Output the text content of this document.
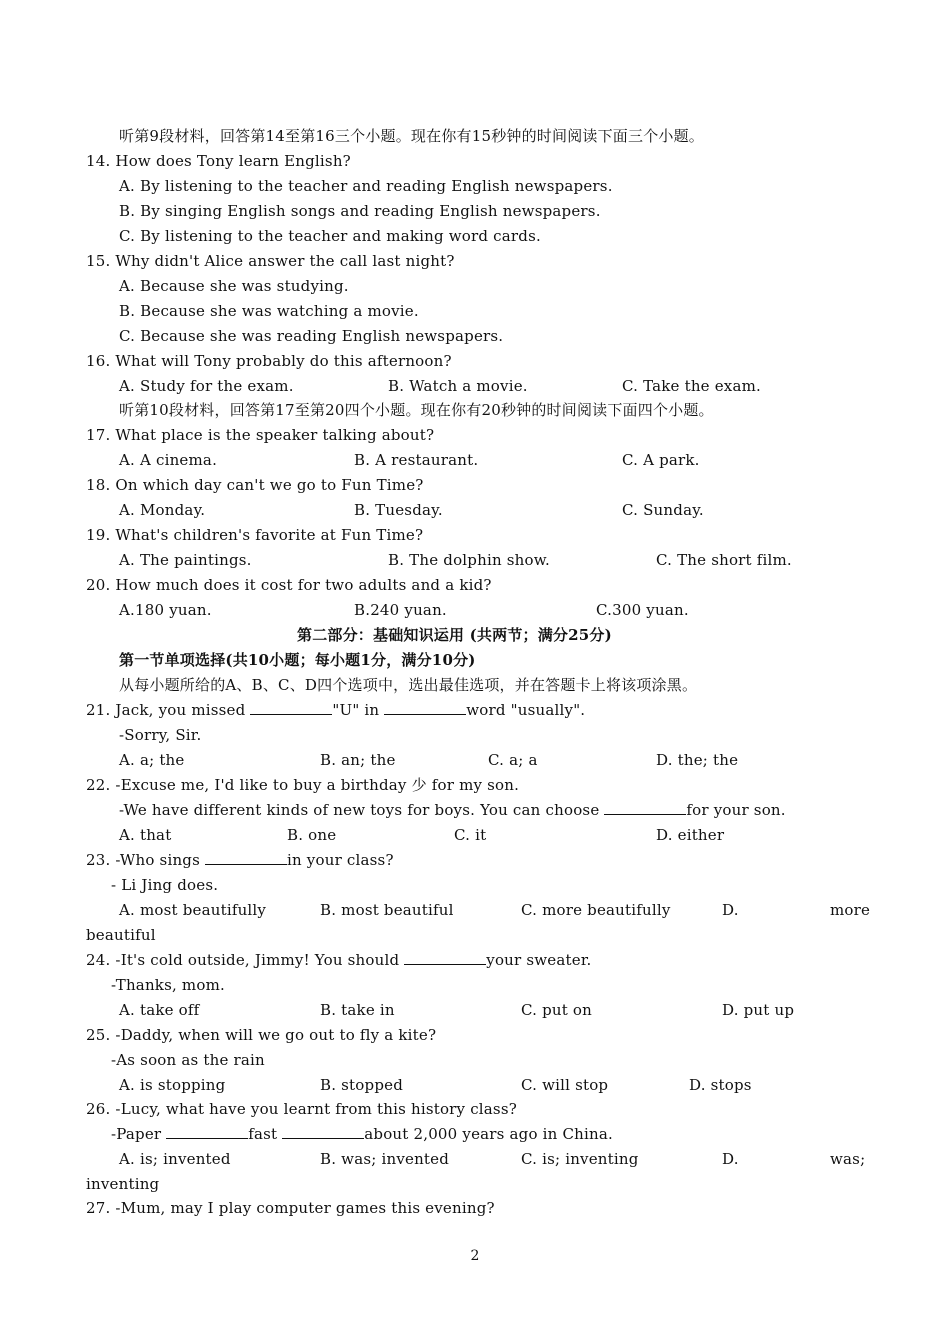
听第9段材料，回答第14至第16三个小题。现在你有15秒钟的时间阅读下面三个小题。
14. How does Tony learn English?
A. By listening to the teacher and reading English newspapers.
B. By singing English songs and reading English newspapers.
C. By listening to the teacher and making word cards.
15. Why didn't Alice answer the call last night?
A. Because she was studying.
B. Because she was watching a movie.
C. Because she was reading English newspapers.
16. What will Tony probably do this afternoon?
A. Study for the exam.	B. Watch a movie.	C. Take the exam.
听第10段材料，回答第17至第20四个小题。现在你有20秒钟的时间阅读下面四个小题。
17. What place is the speaker talking about?
A. A cinema.	B. A restaurant.	C. A park.
18. On which day can't we go to Fun Time?
A. Monday.	B. Tuesday.	C. Sunday.
19. What's children's favorite at Fun Time?
A. The paintings.	B. The dolphin show.	C. The short film.
20. How much does it cost for two adults and a kid?
A.180 yuan.	B.240 yuan.	C.300 yuan.
第二部分：基础知识运用 (共两节；满分25分)
第一节单项选择(共10小题；每小题1分，满分10分)
从每小题所给的A、B、C、D四个选项中，选出最佳选项，并在答题卡上将该项涂黑。
21. Jack, you missed	"U" in	word "usually".
-Sorry, Sir.
A. a; the	B. an; the	C. a; a	D. the; the
22. -Excuse me, I'd like to buy a birthday 少 for my son.
-We have different kinds of new toys for boys. You can choose	for your son.
A. that	B. one	C. it	D. either
23. -Who sings	in your class?
- Li Jing does.
A. most beautifully	B. most beautiful	C. more beautifully	D.	more
beautiful
24. -It's cold outside, Jimmy! You should	your sweater.
-Thanks, mom.
A. take off	B. take in	C. put on	D. put up
25. -Daddy, when will we go out to fly a kite?
-As soon as the rain
A. is stopping	B. stopped	C. will stop	D. stops
26. -Lucy, what have you learnt from this history class?
-Paper	fast	about 2,000 years ago in China.
A. is; invented	B. was; invented	C. is; inventing	D.	was;
inventing
27. -Mum, may I play computer games this evening?
2
